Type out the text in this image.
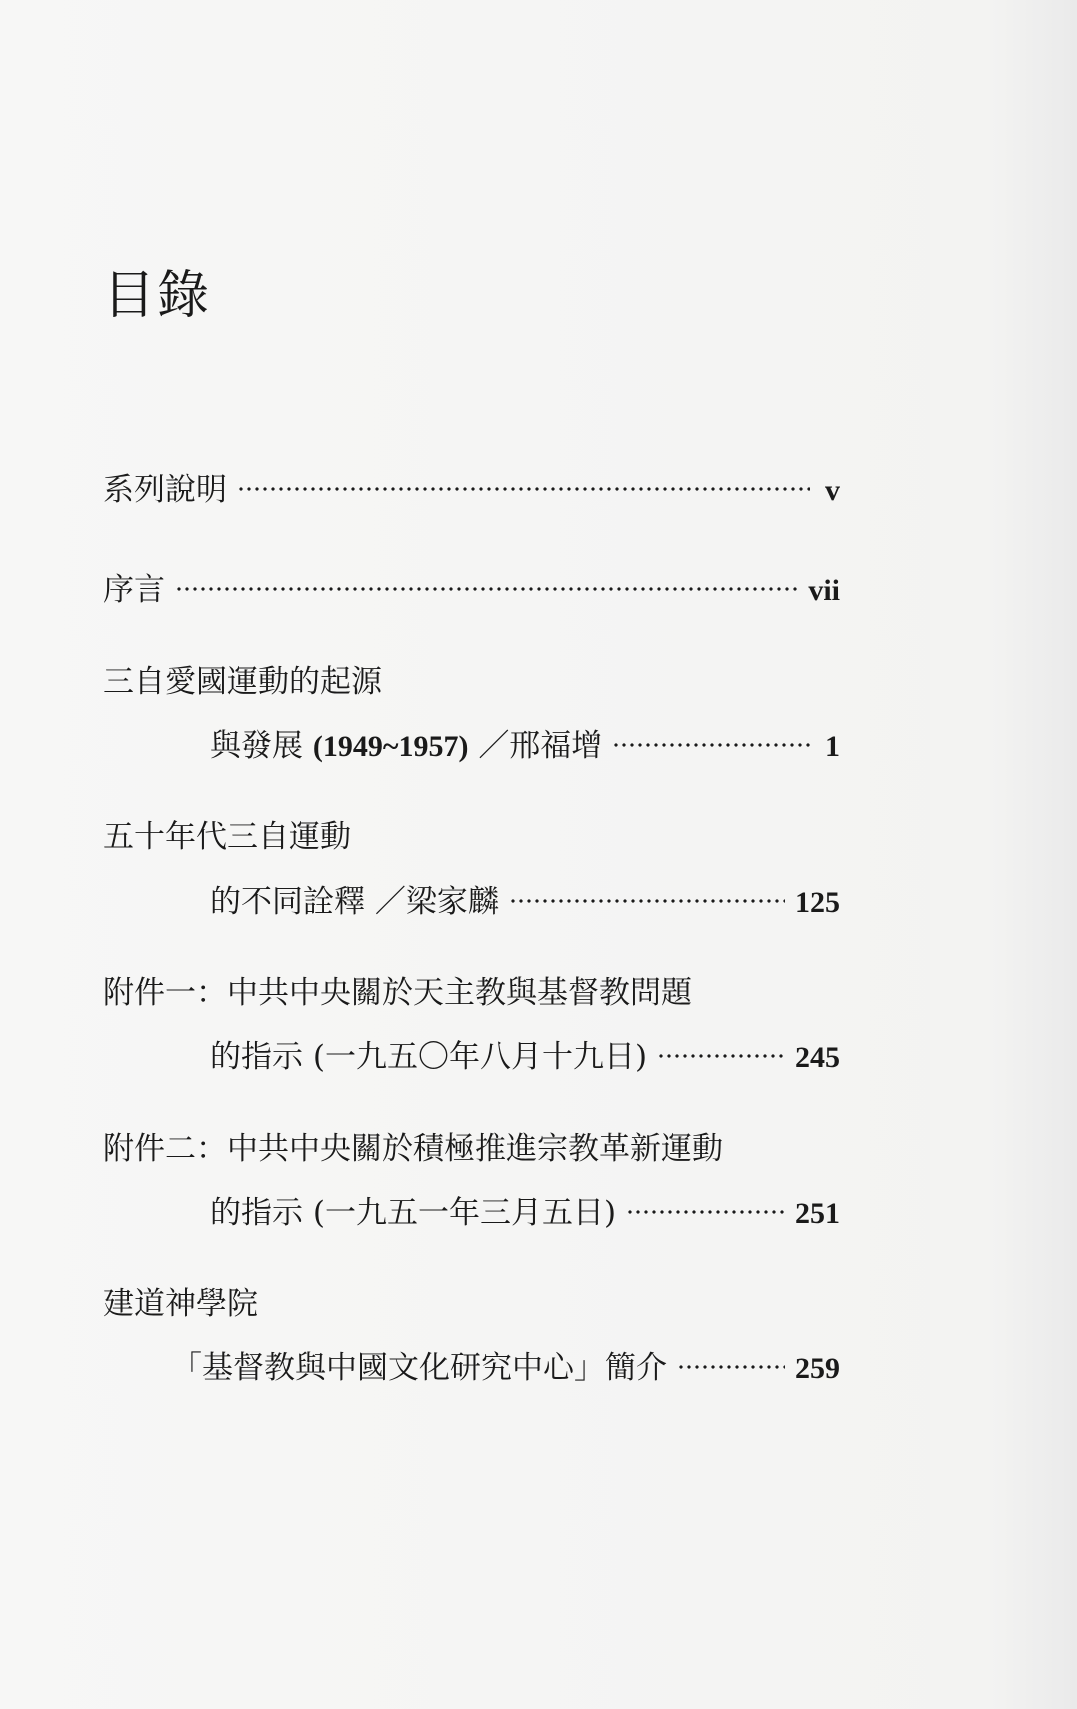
目錄
系列說明	v
序言	vii
三自愛國運動的起源
與發展 (1949~1957) ／邢福增	1
五十年代三自運動
的不同詮釋 ／梁家麟	125
附件一：中共中央關於天主教與基督教問題
的指示 (一九五〇年八月十九日)	245
附件二：中共中央關於積極推進宗教革新運動
的指示 (一九五一年三月五日)	251
建道神學院
「基督教與中國文化研究中心」簡介	259
